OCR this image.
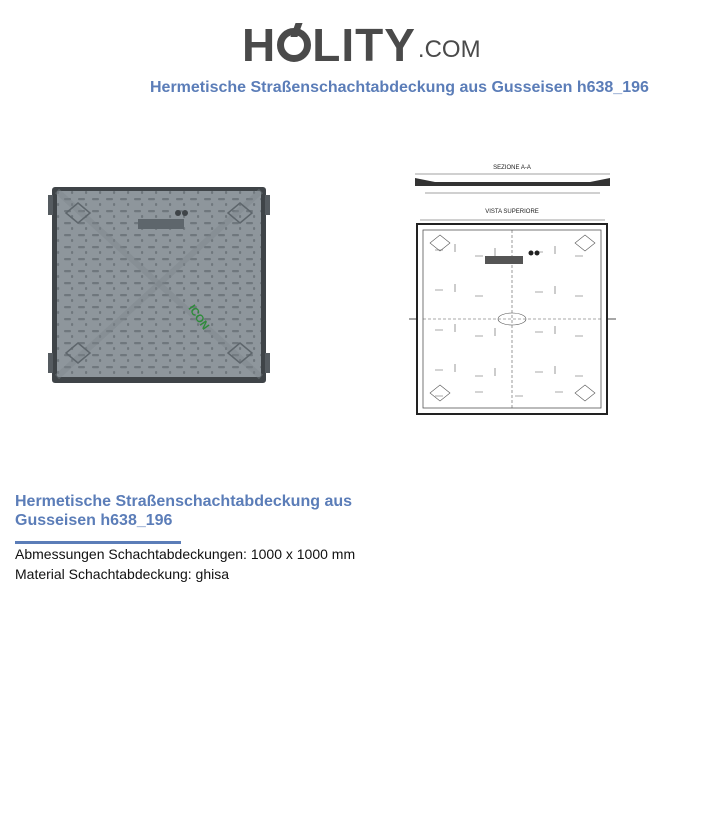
H LITY .COM
Hermetische Straßenschachtabdeckung aus Gusseisen h638_196
ICON
SEZIONE A-A
VISTA SUPERIORE
Hermetische Straßenschachtabdeckung aus Gusseisen h638_196
Abmessungen Schachtabdeckungen: 1000 x 1000 mm
Material Schachtabdeckung: ghisa
